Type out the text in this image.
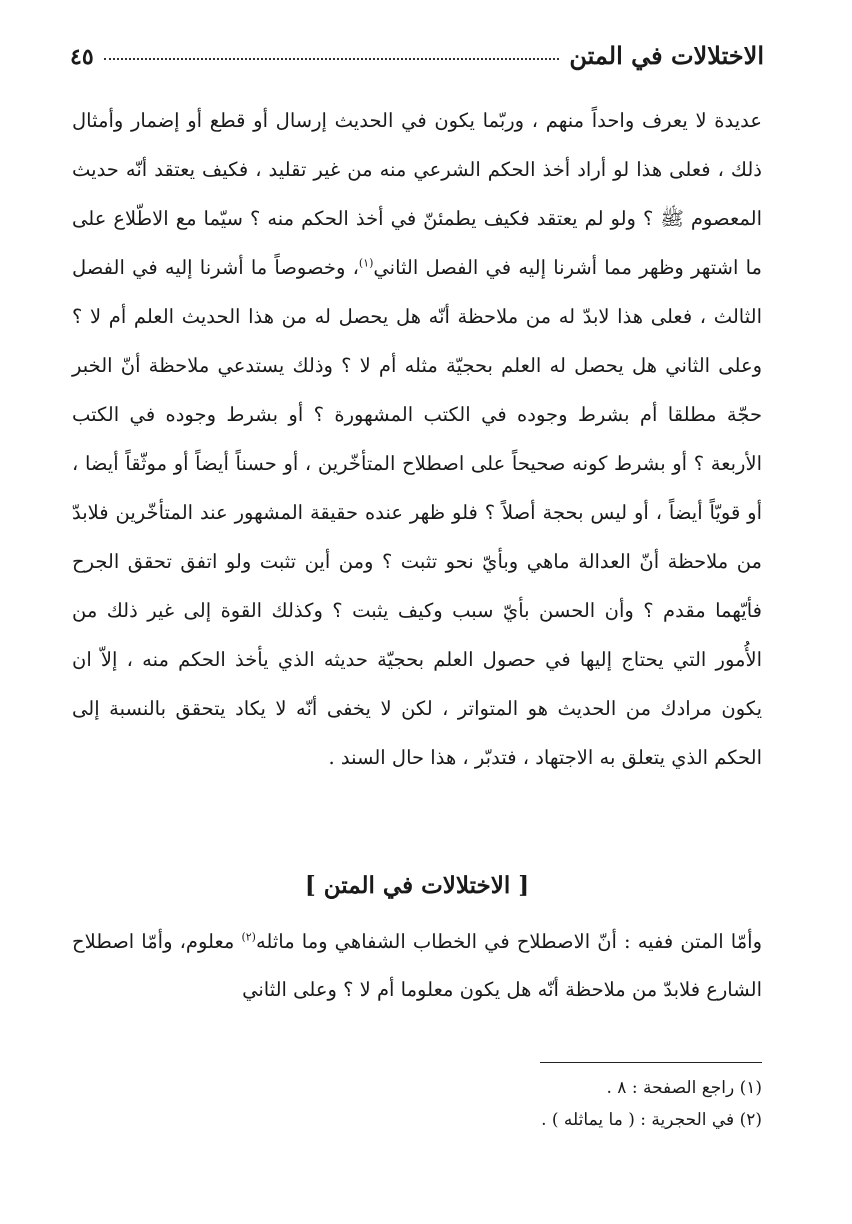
الاختلالات في المتن
٤٥

عديدة لا يعرف واحداً منهم ، وربّما يكون في الحديث إرسال أو قطع أو إضمار وأمثال ذلك ، فعلى هذا لو أراد أخذ الحكم الشرعي منه من غير تقليد ، فكيف يعتقد أنّه حديث المعصوم ﷺ ؟ ولو لم يعتقد فكيف يطمئنّ في أخذ الحكم منه ؟ سيّما مع الاطّلاع على ما اشتهر وظهر مما أشرنا إليه في الفصل الثاني$^{(١)}$، وخصوصاً ما أشرنا إليه في الفصل الثالث ، فعلى هذا لابدّ له من ملاحظة أنّه هل يحصل له من هذا الحديث العلم أم لا ؟ وعلى الثاني هل يحصل له العلم بحجيّة مثله أم لا ؟ وذلك يستدعي ملاحظة أنّ الخبر حجّة مطلقا أم بشرط وجوده في الكتب المشهورة ؟ أو بشرط وجوده في الكتب الأربعة ؟ أو بشرط كونه صحيحاً على اصطلاح المتأخّرين ، أو حسناً أيضاً أو موثّقاً أيضا ، أو قويّاً أيضاً ، أو ليس بحجة أصلاً ؟ فلو ظهر عنده حقيقة المشهور عند المتأخّرين فلابدّ من ملاحظة أنّ العدالة ماهي وبأيّ نحو تثبت ؟ ومن أين تثبت ولو اتفق تحقق الجرح فأيّهما مقدم ؟ وأن الحسن بأيّ سبب وكيف يثبت ؟ وكذلك القوة إلى غير ذلك من الأُمور التي يحتاج إليها في حصول العلم بحجيّة حديثه الذي يأخذ الحكم منه ، إلاّ ان يكون مرادك من الحديث هو المتواتر ، لكن لا يخفى أنّه لا يكاد يتحقق بالنسبة إلى الحكم الذي يتعلق به الاجتهاد ، فتدبّر ، هذا حال السند .

[ الاختلالات في المتن ]

وأمّا المتن ففيه : أنّ الاصطلاح في الخطاب الشفاهي وما ماثله$^{(٢)}$ معلوم، وأمّا اصطلاح الشارع فلابدّ من ملاحظة أنّه هل يكون معلوما أم لا ؟ وعلى الثاني

(١) راجع الصفحة : ٨ .
(٢) في الحجرية : ( ما يماثله ) .
